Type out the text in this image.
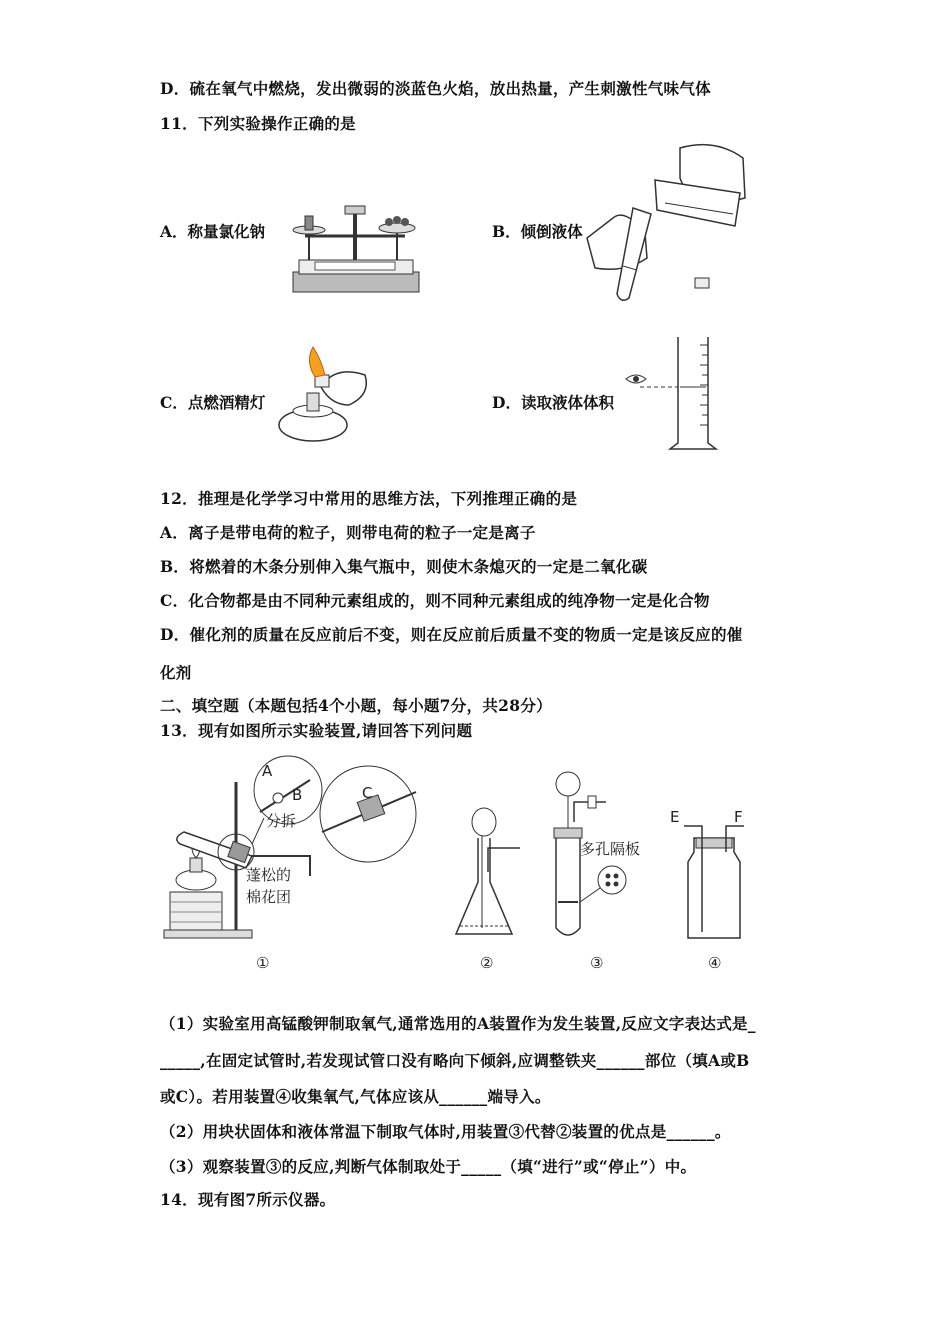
D．硫在氧气中燃烧，发出微弱的淡蓝色火焰，放出热量，产生刺激性气味气体
11．下列实验操作正确的是
A．称量氯化钠	B．倾倒液体
C．点燃酒精灯	D．读取液体体积
12．推理是化学学习中常用的思维方法，下列推理正确的是
A．离子是带电荷的粒子，则带电荷的粒子一定是离子
B．将燃着的木条分别伸入集气瓶中，则使木条熄灭的一定是二氧化碳
C．化合物都是由不同种元素组成的，则不同种元素组成的纯净物一定是化合物
D．催化剂的质量在反应前后不变，则在反应前后质量不变的物质一定是该反应的催
化剂
二、填空题（本题包括4个小题，每小题7分，共28分）
13．现有如图所示实验装置,请回答下列问题
A
B
分拆
C
蓬松的
棉花团
多孔隔板
E	F
①	②	③	④
（1）实验室用高锰酸钾制取氧气,通常选用的A装置作为发生装置,反应文字表达式是_
_____,在固定试管时,若发现试管口没有略向下倾斜,应调整铁夹______部位（填A或B
或C）。若用装置④收集氧气,气体应该从______端导入。
（2）用块状固体和液体常温下制取气体时,用装置③代替②装置的优点是______。
（3）观察装置③的反应,判断气体制取处于_____（填“进行”或“停止”）中。
14．现有图7所示仪器。
